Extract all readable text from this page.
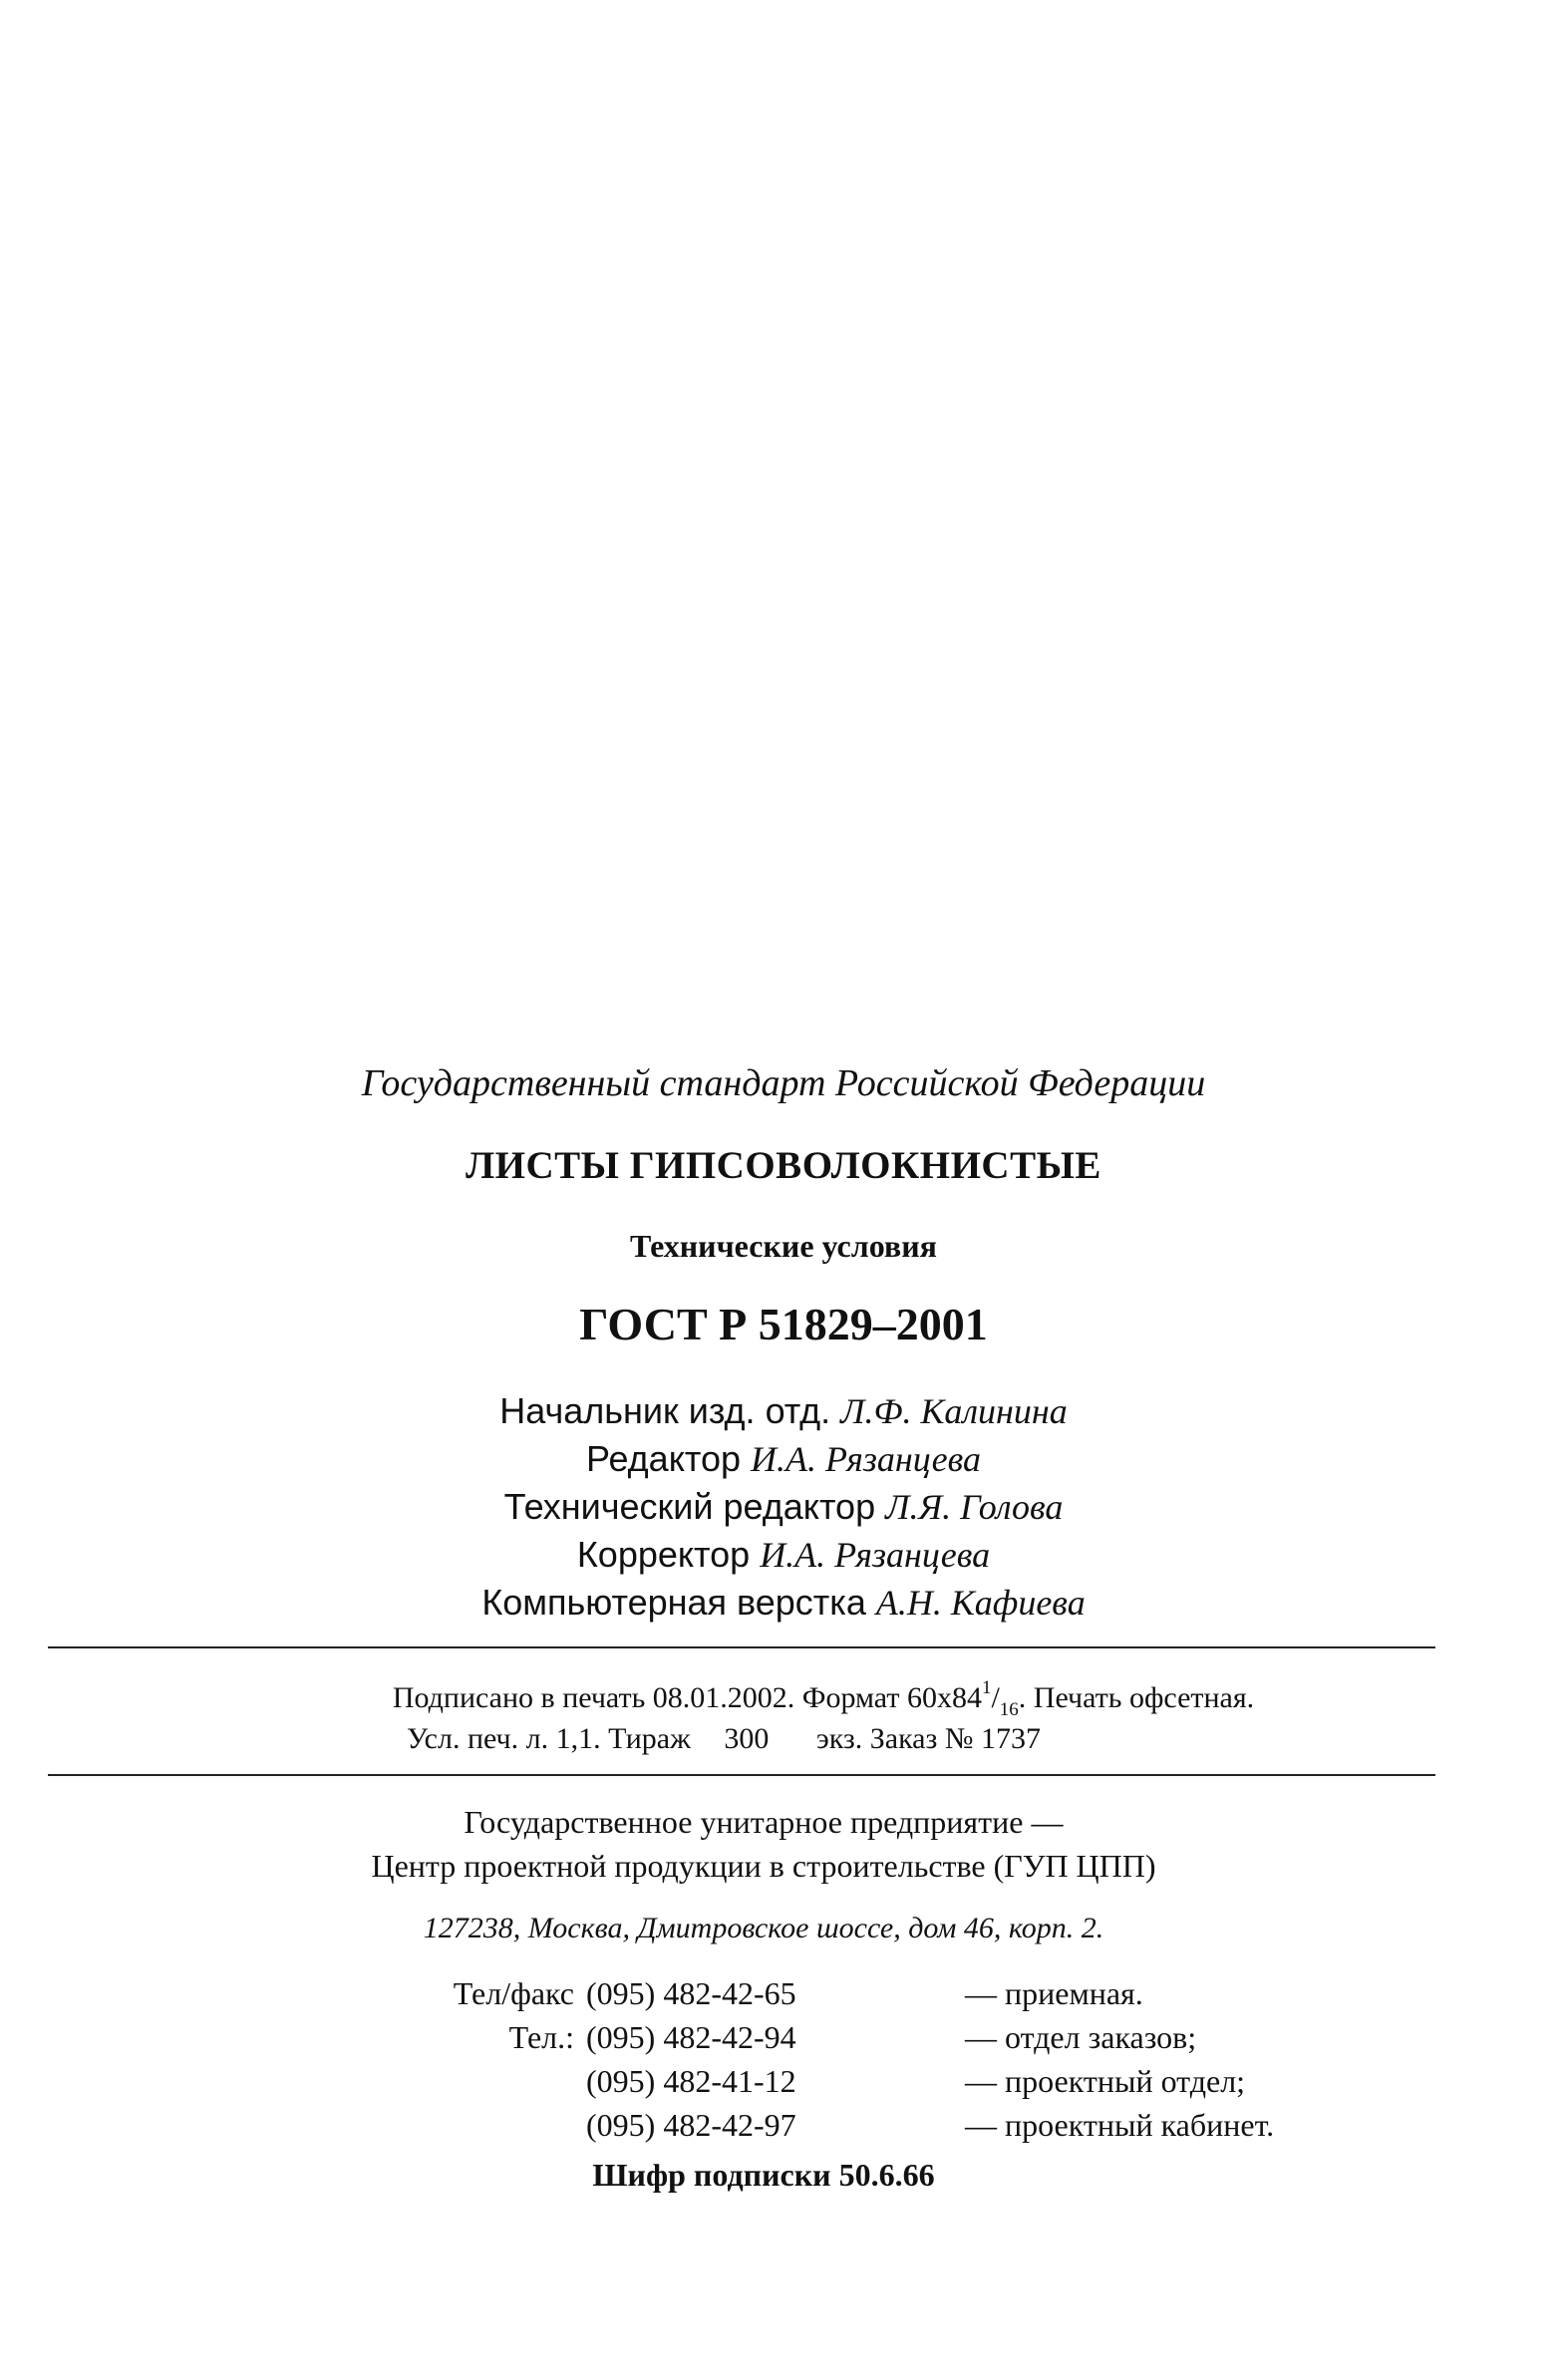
Государственный стандарт Российской Федерации
ЛИСТЫ ГИПСОВОЛОКНИСТЫЕ
Технические условия
ГОСТ Р 51829–2001
Начальник изд. отд. Л.Ф. Калинина
Редактор И.А. Рязанцева
Технический редактор Л.Я. Голова
Корректор И.А. Рязанцева
Компьютерная верстка А.Н. Кафиева
Подписано в печать 08.01.2002. Формат $60x84^1/_{16}$. Печать офсетная.
Усл. печ. л. 1,1. Тираж 300 экз. Заказ № 1737
Государственное унитарное предприятие —
Центр проектной продукции в строительстве (ГУП ЦПП)
127238, Москва, Дмитровское шоссе, дом 46, корп. 2.
Тел/факс (095) 482-42-65	— приемная.
Тел.: (095) 482-42-94	— отдел заказов;
(095) 482-41-12	— проектный отдел;
(095) 482-42-97	— проектный кабинет.
Шифр подписки 50.6.66
